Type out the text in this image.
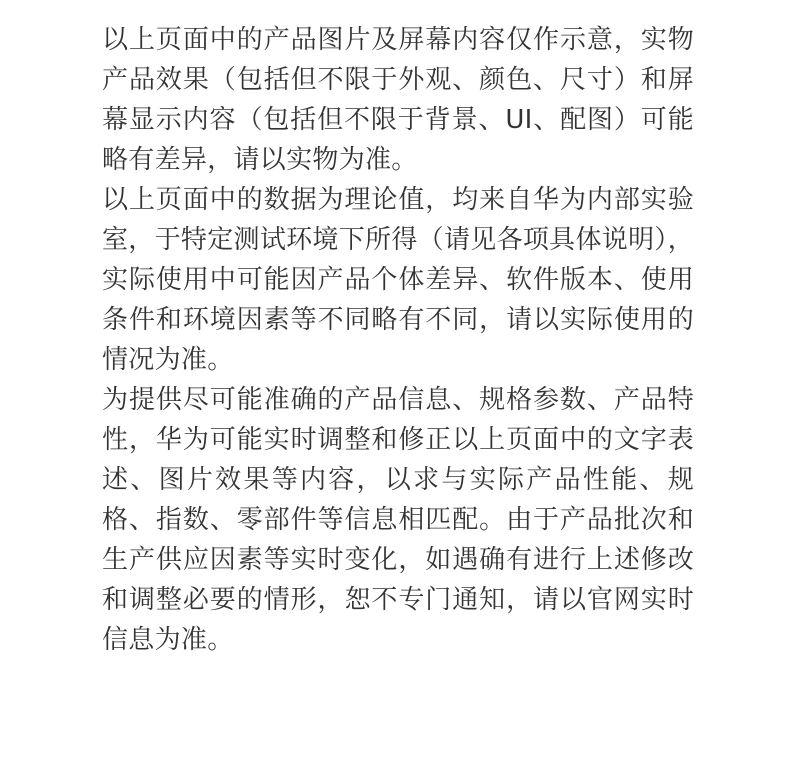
以上页面中的产品图片及屏幕内容仅作示意，实物产品效果（包括但不限于外观、颜色、尺寸）和屏幕显示内容（包括但不限于背景、UI、配图）可能略有差异，请以实物为准。

以上页面中的数据为理论值，均来自华为内部实验室，于特定测试环境下所得（请见各项具体说明），实际使用中可能因产品个体差异、软件版本、使用条件和环境因素等不同略有不同，请以实际使用的情况为准。

为提供尽可能准确的产品信息、规格参数、产品特性，华为可能实时调整和修正以上页面中的文字表述、图片效果等内容，以求与实际产品性能、规格、指数、零部件等信息相匹配。由于产品批次和生产供应因素等实时变化，如遇确有进行上述修改和调整必要的情形，恕不专门通知，请以官网实时信息为准。
